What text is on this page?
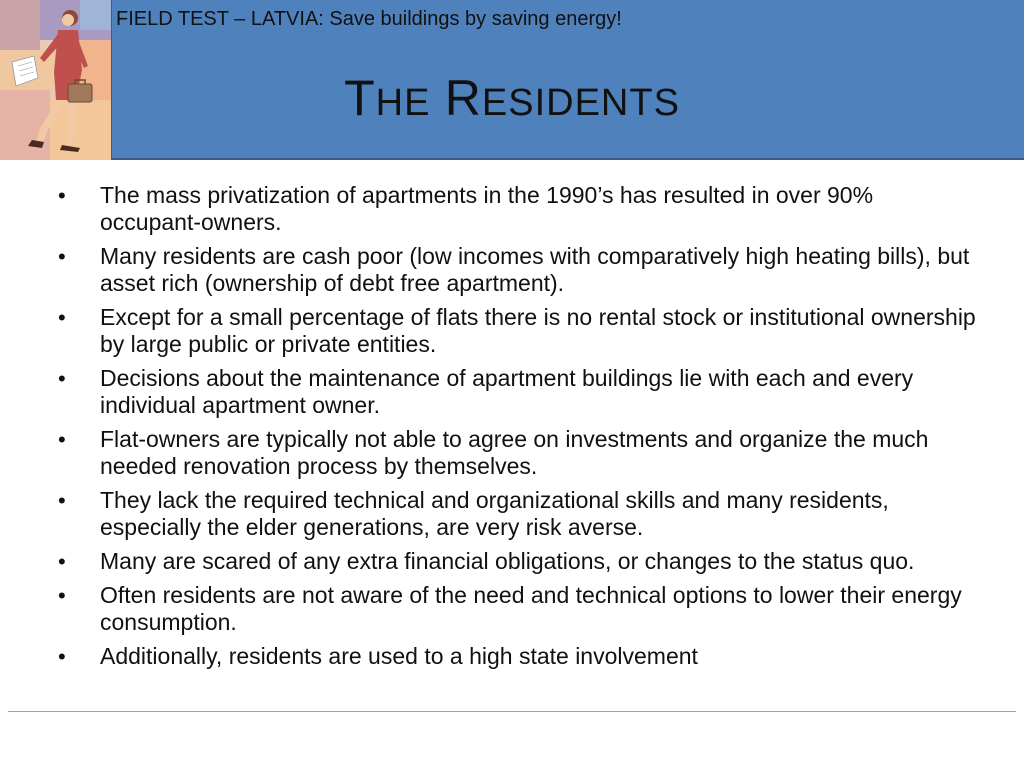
FIELD TEST – LATVIA: Save buildings by saving energy!
THE RESIDENTS
• The mass privatization of apartments in the 1990’s has resulted in over 90% occupant-owners.
• Many residents are cash poor (low incomes with comparatively high heating bills), but asset rich (ownership of debt free apartment).
• Except for a small percentage of flats there is no rental stock or institutional ownership by large public or private entities.
• Decisions about the maintenance of apartment buildings lie with each and every individual apartment owner.
• Flat-owners are typically not able to agree on investments and organize the much needed renovation process by themselves.
• They lack the required technical and organizational skills and many residents, especially the elder generations, are very risk averse.
• Many are scared of any extra financial obligations, or changes to the status quo.
• Often residents are not aware of the need and technical options to lower their energy consumption.
• Additionally, residents are used to a high state involvement
